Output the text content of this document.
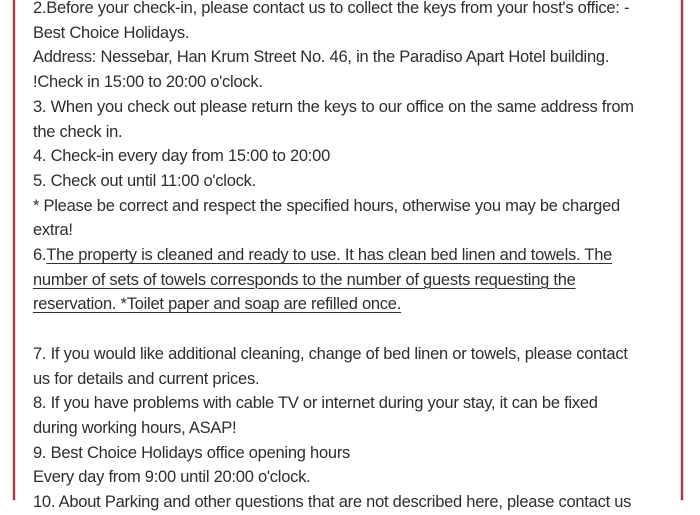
2.Before your check-in, please contact us to collect the keys from your host's office: -
Best Choice Holidays.
Address: Nessebar, Han Krum Street No. 46, in the Paradiso Apart Hotel building.
!Check in 15:00 to 20:00 o'clock.
3. When you check out please return the keys to our office on the same address from
the check in.
4. Check-in every day from 15:00 to 20:00
5. Check out until 11:00 o'clock.
* Please be correct and respect the specified hours, otherwise you may be charged
extra!
6.The property is cleaned and ready to use. It has clean bed linen and towels. The
number of sets of towels corresponds to the number of guests requesting the
reservation. *Toilet paper and soap are refilled once.
7. If you would like additional cleaning, change of bed linen or towels, please contact
us for details and current prices.
8. If you have problems with cable TV or internet during your stay, it can be fixed
during working hours, ASAP!
9. Best Choice Holidays office opening hours
Every day from 9:00 until 20:00 o'clock.
10. About Parking and other questions that are not described here, please contact us
